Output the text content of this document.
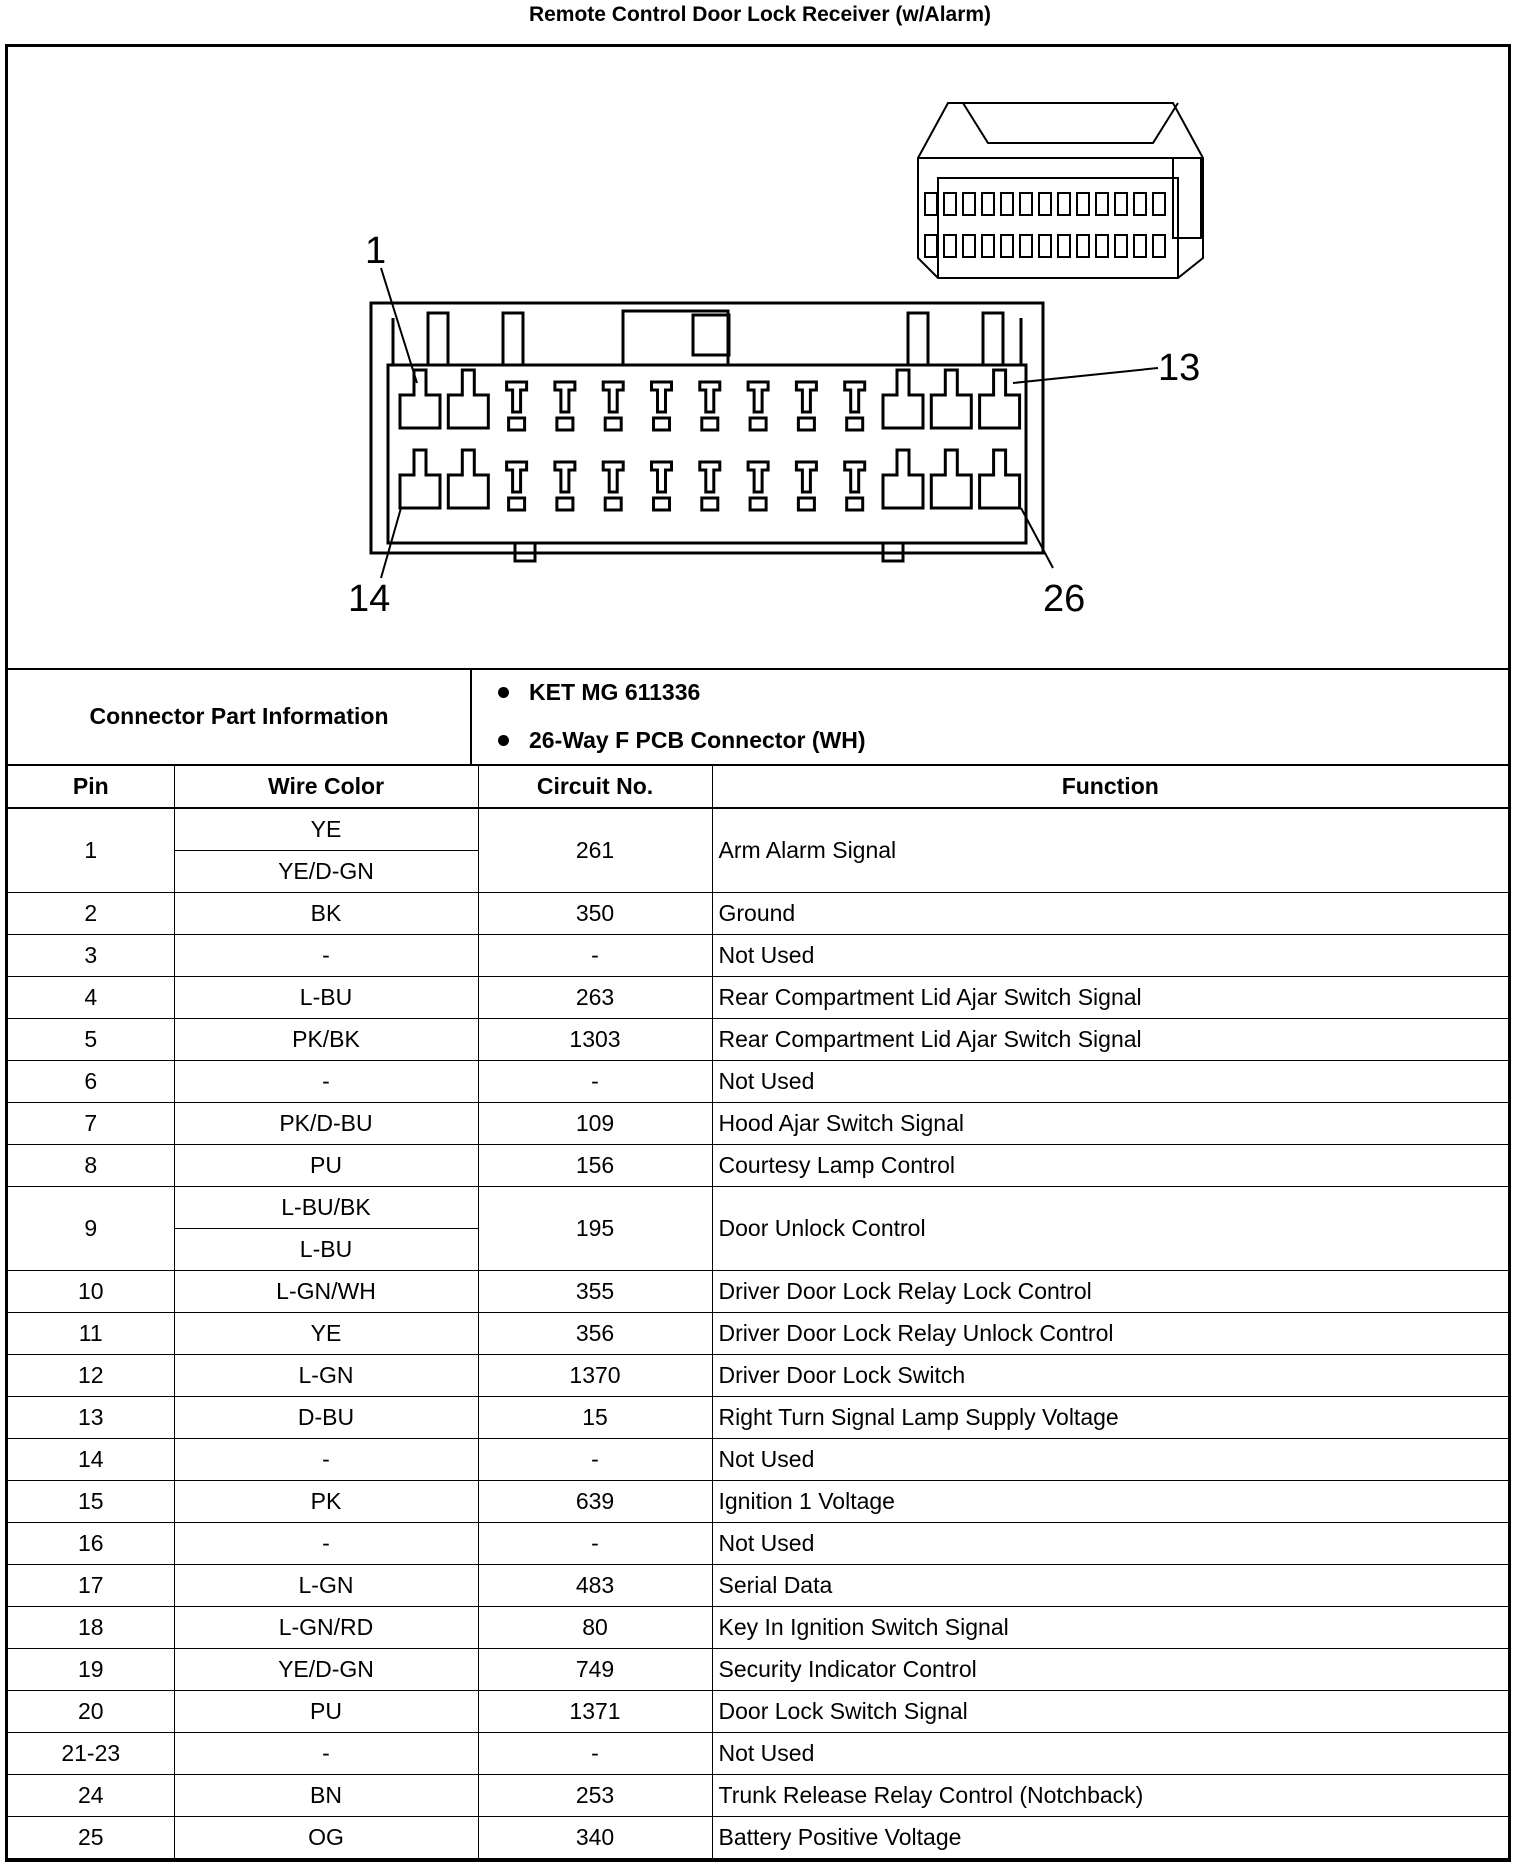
Remote Control Door Lock Receiver (w/Alarm)
1
13
14	26
Connector Part Information
KET MG 611336
26-Way F PCB Connector (WH)
Pin	Wire Color	Circuit No.	Function
1	YE	261	Arm Alarm Signal
	YE/D-GN		
2	BK	350	Ground
3	-	-	Not Used
4	L-BU	263	Rear Compartment Lid Ajar Switch Signal
5	PK/BK	1303	Rear Compartment Lid Ajar Switch Signal
6	-	-	Not Used
7	PK/D-BU	109	Hood Ajar Switch Signal
8	PU	156	Courtesy Lamp Control
9	L-BU/BK	195	Door Unlock Control
	L-BU		
10	L-GN/WH	355	Driver Door Lock Relay Lock Control
11	YE	356	Driver Door Lock Relay Unlock Control
12	L-GN	1370	Driver Door Lock Switch
13	D-BU	15	Right Turn Signal Lamp Supply Voltage
14	-	-	Not Used
15	PK	639	Ignition 1 Voltage
16	-	-	Not Used
17	L-GN	483	Serial Data
18	L-GN/RD	80	Key In Ignition Switch Signal
19	YE/D-GN	749	Security Indicator Control
20	PU	1371	Door Lock Switch Signal
21-23	-	-	Not Used
24	BN	253	Trunk Release Relay Control (Notchback)
25	OG	340	Battery Positive Voltage
